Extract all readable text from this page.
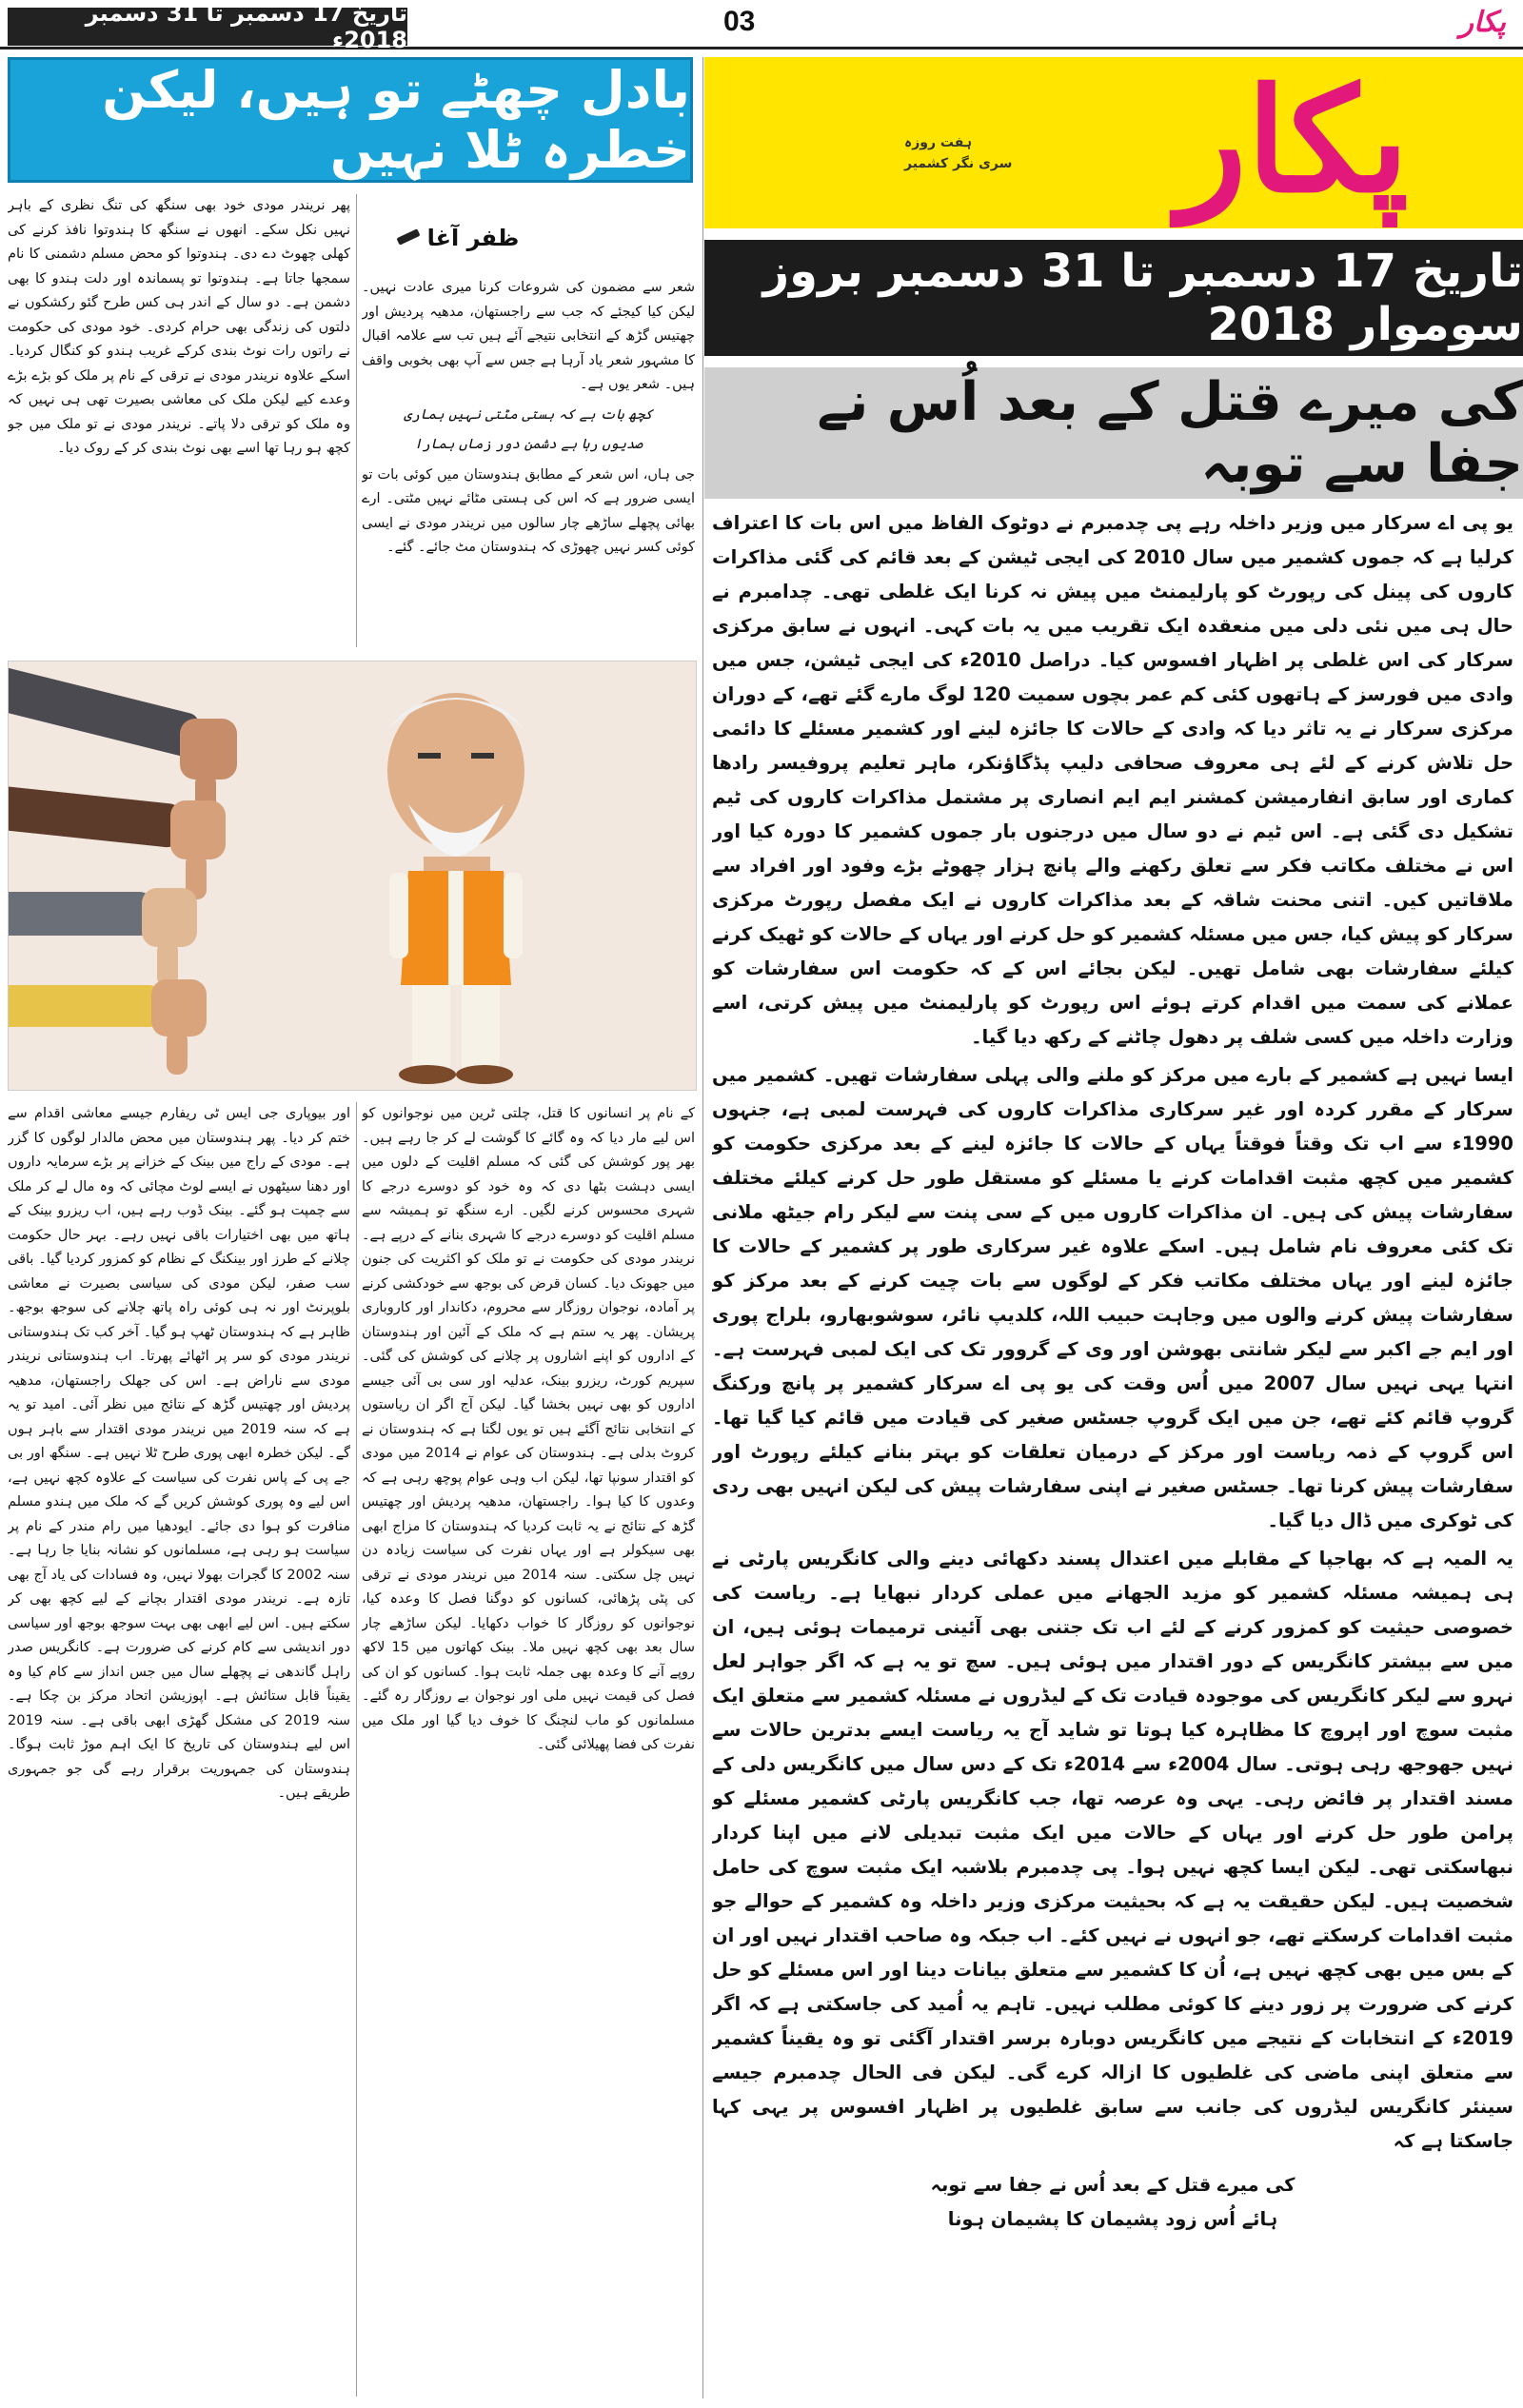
تاریخ 17 دسمبر تا 31 دسمبر 2018ء
03	پکار
پکار
ہفت روزہ
سری نگر کشمیر
تاریخ 17 دسمبر تا 31 دسمبر بروز سوموار 2018
کی میرے قتل کے بعد اُس نے جفا سے توبہ

یو پی اے سرکار میں وزیر داخلہ رہے پی چدمبرم نے دوٹوک الفاظ میں اس بات کا اعتراف کرلیا ہے کہ جموں کشمیر میں سال 2010 کی ایجی ٹیشن کے بعد قائم کی گئی مذاکرات کاروں کی پینل کی رپورٹ کو پارلیمنٹ میں پیش نہ کرنا ایک غلطی تھی۔ چدامبرم نے حال ہی میں نئی دلی میں منعقدہ ایک تقریب میں یہ بات کہی۔ انہوں نے سابق مرکزی سرکار کی اس غلطی پر اظہار افسوس کیا۔ دراصل 2010ء کی ایجی ٹیشن، جس میں وادی میں فورسز کے ہاتھوں کئی کم عمر بچوں سمیت 120 لوگ مارے گئے تھے، کے دوران مرکزی سرکار نے یہ تاثر دیا کہ وادی کے حالات کا جائزہ لینے اور کشمیر مسئلے کا دائمی حل تلاش کرنے کے لئے ہی معروف صحافی دلیپ پڈگاؤنکر، ماہر تعلیم پروفیسر رادھا کماری اور سابق انفارمیشن کمشنر ایم ایم انصاری پر مشتمل مذاکرات کاروں کی ٹیم تشکیل دی گئی ہے۔ اس ٹیم نے دو سال میں درجنوں بار جموں کشمیر کا دورہ کیا اور اس نے مختلف مکاتب فکر سے تعلق رکھنے والے پانچ ہزار چھوٹے بڑے وفود اور افراد سے ملاقاتیں کیں۔ اتنی محنت شاقہ کے بعد مذاکرات کاروں نے ایک مفصل رپورٹ مرکزی سرکار کو پیش کیا، جس میں مسئلہ کشمیر کو حل کرنے اور یہاں کے حالات کو ٹھیک کرنے کیلئے سفارشات بھی شامل تھیں۔ لیکن بجائے اس کے کہ حکومت اس سفارشات کو عملانے کی سمت میں اقدام کرتے ہوئے اس رپورٹ کو پارلیمنٹ میں پیش کرتی، اسے وزارت داخلہ میں کسی شلف پر دھول چاٹنے کے رکھ دیا گیا۔

ایسا نہیں ہے کشمیر کے بارے میں مرکز کو ملنے والی پہلی سفارشات تھیں۔ کشمیر میں سرکار کے مقرر کردہ اور غیر سرکاری مذاکرات کاروں کی فہرست لمبی ہے، جنہوں 1990ء سے اب تک وقتاً فوقتاً یہاں کے حالات کا جائزہ لینے کے بعد مرکزی حکومت کو کشمیر میں کچھ مثبت اقدامات کرنے یا مسئلے کو مستقل طور حل کرنے کیلئے مختلف سفارشات پیش کی ہیں۔ ان مذاکرات کاروں میں کے سی پنت سے لیکر رام جیٹھ ملانی تک کئی معروف نام شامل ہیں۔ اسکے علاوہ غیر سرکاری طور پر کشمیر کے حالات کا جائزہ لینے اور یہاں مختلف مکاتب فکر کے لوگوں سے بات چیت کرنے کے بعد مرکز کو سفارشات پیش کرنے والوں میں وجاہت حبیب اللہ، کلدیپ نائر، سوشوبھارو، بلراج پوری اور ایم جے اکبر سے لیکر شانتی بھوشن اور وی کے گروور تک کی ایک لمبی فہرست ہے۔ انتہا یہی نہیں سال 2007 میں اُس وقت کی یو پی اے سرکار کشمیر پر پانچ ورکنگ گروپ قائم کئے تھے، جن میں ایک گروپ جسٹس صغیر کی قیادت میں قائم کیا گیا تھا۔ اس گروپ کے ذمہ ریاست اور مرکز کے درمیان تعلقات کو بہتر بنانے کیلئے رپورٹ اور سفارشات پیش کرنا تھا۔ جسٹس صغیر نے اپنی سفارشات پیش کی لیکن انہیں بھی ردی کی ٹوکری میں ڈال دیا گیا۔

یہ المیہ ہے کہ بھاجپا کے مقابلے میں اعتدال پسند دکھائی دینے والی کانگریس پارٹی نے ہی ہمیشہ مسئلہ کشمیر کو مزید الجھانے میں عملی کردار نبھایا ہے۔ ریاست کی خصوصی حیثیت کو کمزور کرنے کے لئے اب تک جتنی بھی آئینی ترمیمات ہوئی ہیں، ان میں سے بیشتر کانگریس کے دور اقتدار میں ہوئی ہیں۔ سچ تو یہ ہے کہ اگر جواہر لعل نہرو سے لیکر کانگریس کی موجودہ قیادت تک کے لیڈروں نے مسئلہ کشمیر سے متعلق ایک مثبت سوچ اور اپروچ کا مظاہرہ کیا ہوتا تو شاید آج یہ ریاست ایسے بدترین حالات سے نہیں جھوجھ رہی ہوتی۔ سال 2004ء سے 2014ء تک کے دس سال میں کانگریس دلی کے مسند اقتدار پر فائض رہی۔ یہی وہ عرصہ تھا، جب کانگریس پارٹی کشمیر مسئلے کو پرامن طور حل کرنے اور یہاں کے حالات میں ایک مثبت تبدیلی لانے میں اپنا کردار نبھاسکتی تھی۔ لیکن ایسا کچھ نہیں ہوا۔ پی چدمبرم بلاشبہ ایک مثبت سوچ کی حامل شخصیت ہیں۔ لیکن حقیقت یہ ہے کہ بحیثیت مرکزی وزیر داخلہ وہ کشمیر کے حوالے جو مثبت اقدامات کرسکتے تھے، جو انہوں نے نہیں کئے۔ اب جبکہ وہ صاحب اقتدار نہیں اور ان کے بس میں بھی کچھ نہیں ہے، اُن کا کشمیر سے متعلق بیانات دینا اور اس مسئلے کو حل کرنے کی ضرورت پر زور دینے کا کوئی مطلب نہیں۔ تاہم یہ اُمید کی جاسکتی ہے کہ اگر 2019ء کے انتخابات کے نتیجے میں کانگریس دوبارہ برسر اقتدار آگئی تو وہ یقیناً کشمیر سے متعلق اپنی ماضی کی غلطیوں کا ازالہ کرے گی۔ لیکن فی الحال چدمبرم جیسے سینئر کانگریس لیڈروں کی جانب سے سابق غلطیوں پر اظہار افسوس پر یہی کہا جاسکتا ہے کہ

کی میرے قتل کے بعد اُس نے جفا سے توبہ

ہائے اُس زود پشیمان کا پشیمان ہونا

بادل چھٹے تو ہیں، لیکن خطرہ ٹلا نہیں
ظفر آغا

شعر سے مضمون کی شروعات کرنا میری عادت نہیں۔ لیکن کیا کیجئے کہ جب سے راجستھان، مدھیہ پردیش اور چھتیس گڑھ کے انتخابی نتیجے آئے ہیں تب سے علامہ اقبال کا مشہور شعر یاد آرہا ہے جس سے آپ بھی بخوبی واقف ہیں۔ شعر یوں ہے۔

کچھ بات ہے کہ ہستی مٹتی نہیں ہماری

صدیوں رہا ہے دشمن دور زماں ہمارا

جی ہاں، اس شعر کے مطابق ہندوستان میں کوئی بات تو ایسی ضرور ہے کہ اس کی ہستی مٹائے نہیں مٹتی۔ ارے بھائی پچھلے ساڑھے چار سالوں میں نریندر مودی نے ایسی کوئی کسر نہیں چھوڑی کہ ہندوستان مٹ جائے۔ گئے۔

پھر نریندر مودی خود بھی سنگھ کی تنگ نظری کے باہر نہیں نکل سکے۔ انھوں نے سنگھ کا ہندوتوا نافذ کرنے کی کھلی چھوٹ دے دی۔ ہندوتوا کو محض مسلم دشمنی کا نام سمجھا جاتا ہے۔ ہندوتوا تو پسماندہ اور دلت ہندو کا بھی دشمن ہے۔ دو سال کے اندر ہی کس طرح گئو رکشکوں نے دلتوں کی زندگی بھی حرام کردی۔ خود مودی کی حکومت نے راتوں رات نوٹ بندی کرکے غریب ہندو کو کنگال کردیا۔ اسکے علاوہ نریندر مودی نے ترقی کے نام پر ملک کو بڑے بڑے وعدے کیے لیکن ملک کی معاشی بصیرت تھی ہی نہیں کہ وہ ملک کو ترقی دلا پاتے۔ نریندر مودی نے تو ملک میں جو کچھ ہو رہا تھا اسے بھی نوٹ بندی کر کے روک دیا۔

کے نام پر انسانوں کا قتل، چلتی ٹرین میں نوجوانوں کو اس لیے مار دیا کہ وہ گائے کا گوشت لے کر جا رہے ہیں۔ بھر پور کوشش کی گئی کہ مسلم اقلیت کے دلوں میں ایسی دہشت بٹھا دی کہ وہ خود کو دوسرے درجے کا شہری محسوس کرنے لگیں۔ ارے سنگھ تو ہمیشہ سے مسلم اقلیت کو دوسرے درجے کا شہری بنانے کے درپے ہے۔ نریندر مودی کی حکومت نے تو ملک کو اکثریت کی جنون میں جھونک دیا۔ کسان قرض کی بوجھ سے خودکشی کرنے پر آمادہ، نوجوان روزگار سے محروم، دکاندار اور کاروباری پریشان۔ پھر یہ ستم ہے کہ ملک کے آئین اور ہندوستان کے اداروں کو اپنے اشاروں پر چلانے کی کوشش کی گئی۔ سپریم کورٹ، ریزرو بینک، عدلیہ اور سی بی آئی جیسے اداروں کو بھی نہیں بخشا گیا۔ لیکن آج اگر ان ریاستوں کے انتخابی نتائج آگئے ہیں تو یوں لگتا ہے کہ ہندوستان نے کروٹ بدلی ہے۔ ہندوستان کی عوام نے 2014 میں مودی کو اقتدار سونپا تھا، لیکن اب وہی عوام پوچھ رہی ہے کہ وعدوں کا کیا ہوا۔ راجستھان، مدھیہ پردیش اور چھتیس گڑھ کے نتائج نے یہ ثابت کردیا کہ ہندوستان کا مزاج ابھی بھی سیکولر ہے اور یہاں نفرت کی سیاست زیادہ دن نہیں چل سکتی۔ سنہ 2014 میں نریندر مودی نے ترقی کی پٹی پڑھائی، کسانوں کو دوگنا فصل کا وعدہ کیا، نوجوانوں کو روزگار کا خواب دکھایا۔ لیکن ساڑھے چار سال بعد بھی کچھ نہیں ملا۔ بینک کھاتوں میں 15 لاکھ روپے آنے کا وعدہ بھی جملہ ثابت ہوا۔ کسانوں کو ان کی فصل کی قیمت نہیں ملی اور نوجوان بے روزگار رہ گئے۔ مسلمانوں کو ماب لنچنگ کا خوف دیا گیا اور ملک میں نفرت کی فضا پھیلائی گئی۔

اور بیوپاری جی ایس ٹی ریفارم جیسے معاشی اقدام سے ختم کر دیا۔ پھر ہندوستان میں محض مالدار لوگوں کا گزر ہے۔ مودی کے راج میں بینک کے خزانے پر بڑے سرمایہ داروں اور دھنا سیٹھوں نے ایسے لوٹ مچائی کہ وہ مال لے کر ملک سے چمپت ہو گئے۔ بینک ڈوب رہے ہیں، اب ریزرو بینک کے ہاتھ میں بھی اختیارات باقی نہیں رہے۔ بہر حال حکومت چلانے کے طرز اور بینکنگ کے نظام کو کمزور کردیا گیا۔ باقی سب صفر، لیکن مودی کی سیاسی بصیرت نے معاشی بلوپرنٹ اور نہ ہی کوئی راہ پاتھ چلانے کی سوجھ بوجھ۔ ظاہر ہے کہ ہندوستان ٹھپ ہو گیا۔ آخر کب تک ہندوستانی نریندر مودی کو سر پر اٹھائے پھرتا۔ اب ہندوستانی نریندر مودی سے ناراض ہے۔ اس کی جھلک راجستھان، مدھیہ پردیش اور چھتیس گڑھ کے نتائج میں نظر آئی۔ امید تو یہ ہے کہ سنہ 2019 میں نریندر مودی اقتدار سے باہر ہوں گے۔ لیکن خطرہ ابھی پوری طرح ٹلا نہیں ہے۔ سنگھ اور بی جے پی کے پاس نفرت کی سیاست کے علاوہ کچھ نہیں ہے، اس لیے وہ پوری کوشش کریں گے کہ ملک میں ہندو مسلم منافرت کو ہوا دی جائے۔ ایودھیا میں رام مندر کے نام پر سیاست ہو رہی ہے، مسلمانوں کو نشانہ بنایا جا رہا ہے۔ سنہ 2002 کا گجرات بھولا نہیں، وہ فسادات کی یاد آج بھی تازہ ہے۔ نریندر مودی اقتدار بچانے کے لیے کچھ بھی کر سکتے ہیں۔ اس لیے ابھی بھی بہت سوجھ بوجھ اور سیاسی دور اندیشی سے کام کرنے کی ضرورت ہے۔ کانگریس صدر راہل گاندھی نے پچھلے سال میں جس انداز سے کام کیا وہ یقیناً قابل ستائش ہے۔ اپوزیشن اتحاد مرکز بن چکا ہے۔ سنہ 2019 کی مشکل گھڑی ابھی باقی ہے۔ سنہ 2019 اس لیے ہندوستان کی تاریخ کا ایک اہم موڑ ثابت ہوگا۔ ہندوستان کی جمہوریت برقرار رہے گی جو جمہوری طریقے ہیں۔
